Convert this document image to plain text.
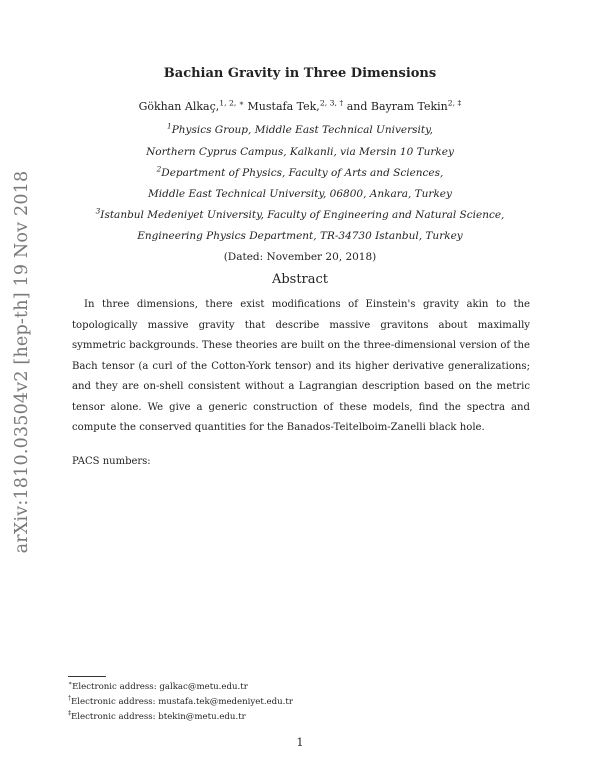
arXiv:1810.03504v2 [hep-th] 19 Nov 2018
Bachian Gravity in Three Dimensions
Gökhan Alkaç,$^{1, 2, ∗}$ Mustafa Tek,$^{2, 3, \dagger}$ and Bayram Tekin$^{2, \ddagger}$
$^1$Physics Group, Middle East Technical University,
Northern Cyprus Campus, Kalkanli, via Mersin 10 Turkey
$^2$Department of Physics, Faculty of Arts and Sciences,
Middle East Technical University, 06800, Ankara, Turkey
$^3$Istanbul Medeniyet University, Faculty of Engineering and Natural Science,
Engineering Physics Department, TR-34730 Istanbul, Turkey
(Dated: November 20, 2018)
Abstract
In three dimensions, there exist modifications of Einstein's gravity akin to the topologically massive gravity that describe massive gravitons about maximally symmetric backgrounds. These theories are built on the three-dimensional version of the Bach tensor (a curl of the Cotton-York tensor) and its higher derivative generalizations; and they are on-shell consistent without a Lagrangian description based on the metric tensor alone. We give a generic construction of these models, find the spectra and compute the conserved quantities for the Banados-Teitelboim-Zanelli black hole.
PACS numbers:
∗Electronic address: galkac@metu.edu.tr
†Electronic address: mustafa.tek@medeniyet.edu.tr
‡Electronic address: btekin@metu.edu.tr
1
